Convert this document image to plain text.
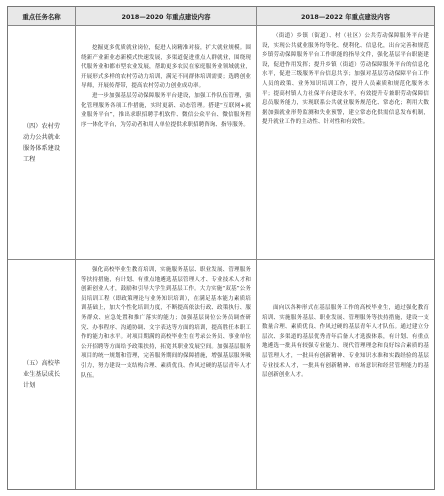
重点任务名称	2018—2020 年重点建设内容	2018—2022 年重点建设内容
（四）农村劳
动力公共就业
服务体系建设
工程

挖掘更多优质就业岗位，促进人岗精准对接，扩大就业规模。围绕新产业新业态新模式快速发展，多渠道促进重点人群就业，围绕现代服务业和都市型农业发展，帮助更多农民在家庭服务业领域就业，开展形式多样的农村劳动力培训，满足不同群体培训需要；选聘创业导师，开展传帮带，提高农村劳动力创业成功率。

进一步加强基层劳动保障服务平台建设，加强工作队伍管理，强化管理服务各项工作措施，实时更新、动态管理。搭建“互联网+就业服务平台”，推出求职招聘手机软件、微信公众平台、微信服务程序一体化平台，为劳动者和用人单位提供求职招聘咨询、指导服务。

（街道）乡镇（街道）、村（社区）公共劳动保障服务平台建设，实现公共就业服务均等化、便利化、信息化，出台完善和规范乡镇劳动保障服务平台工作职能的指导文件，强化基层平台职能建设，促进作用发挥；提升乡镇（街道）劳动保障服务平台的信息化水平，促进三级服务平台信息共享；加强对基层劳动保障平台工作人员的政策、业务知识培训工作，提升人员素质和规范化服务水平；提高村镇人力社保平台建设水平，有效提升专兼职劳动保障信息员服务能力，实现联系公共就业服务规范化、常态化；利用大数据加强就业形势监测和失业预警，建立常态化供需信息发布机制，提升就业工作的主动性、针对性和有效性。

（五）高校毕
业生基层成长
计划

强化高校毕业生教育培训，实施服务基层、职业发展、管理服务等扶持措施，有计划、有重点地遴选基层管理人才、专业技术人才和创新创业人才，鼓励和引导大学生到基层工作。大力实施“双基”公务员培训工程（即政策理论与业务知识培训），在满足基本能力素质培训基础上，加大个性化培训力度，不断提高依法行政、政策执行、服务群众、应急处置和推广落实的能力；加强基层岗位公务员调查研究、办事程序、沟通协调、文字表达等方面的培训，提高胜任本职工作的能力和水平。对项目期满的高校毕业生在考录公务员、事业单位公开招聘等方面给予政策扶持，拓宽其职业发展空间。加强基层服务项目的统一规划和管理，完善服务期间的保障措施，增强基层服务吸引力，努力建设一支结构合理、素质优良、作风过硬的基层青年人才队伍。

面向以各种形式在基层服务工作的高校毕业生，通过强化教育培训、实施服务基层、职业发展、管理服务等扶持措施，建设一支数量合理、素质优良、作风过硬的基层青年人才队伍。通过建立分层次、多渠道的基层优秀青年后备人才选拔体系，有计划、有重点地遴选一批具有较强专业能力、现代管理理念和良好综合素质的基层管理人才，一批具有创新精神、专业知识水准和实践经验的基层专业技术人才，一批具有创新精神、市场意识和经营管理能力的基层创新创业人才。
